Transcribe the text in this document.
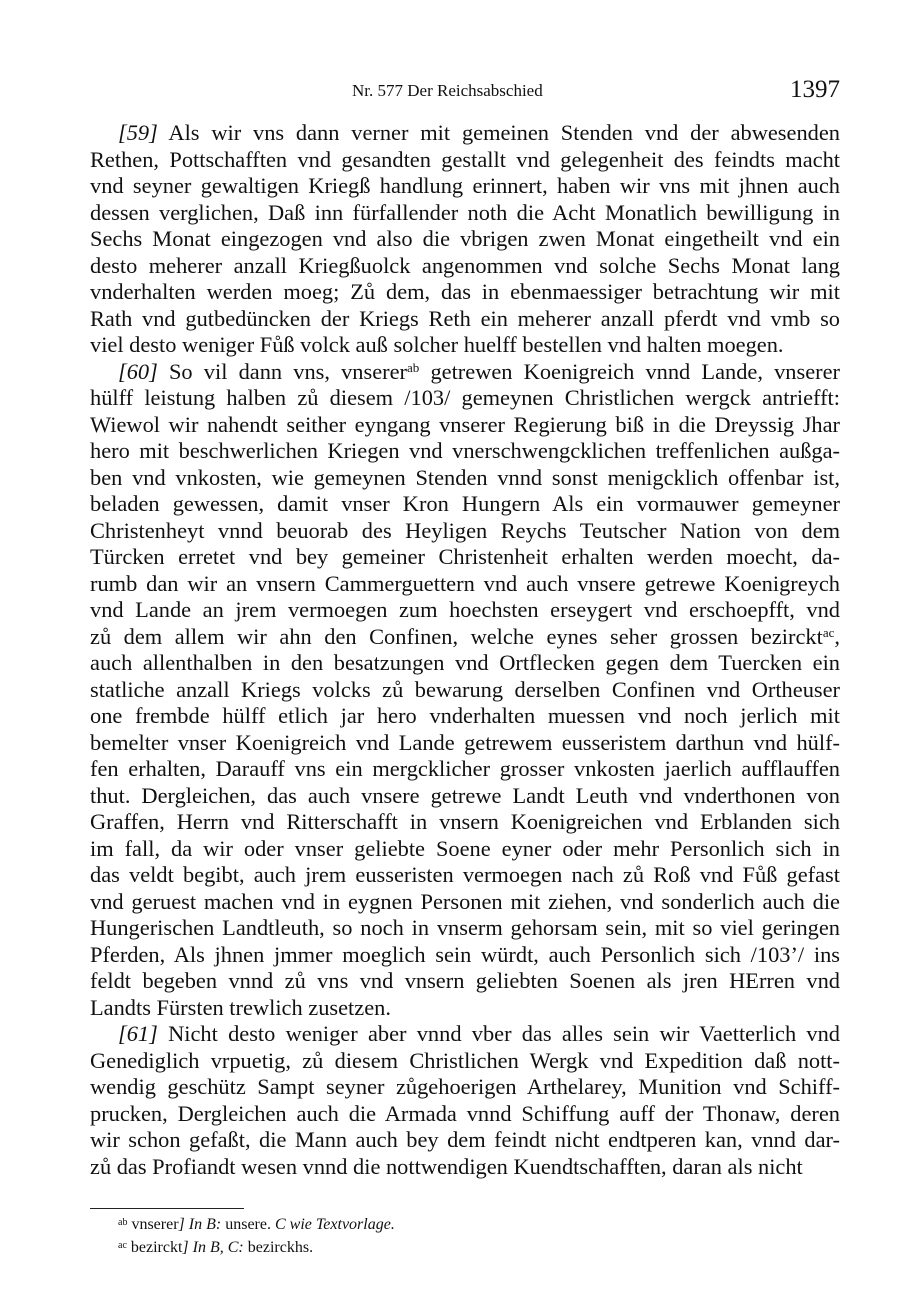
Nr. 577 Der Reichsabschied	1397
[59] Als wir vns dann verner mit gemeinen Stenden vnd der abwesenden
Rethen, Pottschafften vnd gesandten gestallt vnd gelegenheit des feindts macht
vnd seyner gewaltigen Kriegß handlung erinnert, haben wir vns mit jhnen auch
dessen verglichen, Daß inn fürfallender noth die Acht Monatlich bewilligung in
Sechs Monat eingezogen vnd also die vbrigen zwen Monat eingetheilt vnd ein
desto meherer anzall Kriegßuolck angenommen vnd solche Sechs Monat lang
vnderhalten werden moeg; Zů dem, das in ebenmaessiger betrachtung wir mit
Rath vnd gutbedüncken der Kriegs Reth ein meherer anzall pferdt vnd vmb so
viel desto weniger Fůß volck auß solcher huelff bestellen vnd halten moegen.
[60] So vil dann vns, vnserer$^{ab}$ getrewen Koenigreich vnnd Lande, vnserer
hülff leistung halben zů diesem /103/ gemeynen Christlichen wergck antriefft:
Wiewol wir nahendt seither eyngang vnserer Regierung biß in die Dreyssig Jhar
hero mit beschwerlichen Kriegen vnd vnerschwengcklichen treffenlichen außga-
ben vnd vnkosten, wie gemeynen Stenden vnnd sonst menigcklich offenbar ist,
beladen gewessen, damit vnser Kron Hungern Als ein vormauwer gemeyner
Christenheyt vnnd beuorab des Heyligen Reychs Teutscher Nation von dem
Türcken erretet vnd bey gemeiner Christenheit erhalten werden moecht, da-
rumb dan wir an vnsern Cammerguettern vnd auch vnsere getrewe Koenigreych
vnd Lande an jrem vermoegen zum hoechsten erseygert vnd erschoepfft, vnd
zů dem allem wir ahn den Confinen, welche eynes seher grossen bezirckt$^{ac}$,
auch allenthalben in den besatzungen vnd Ortflecken gegen dem Tuercken ein
statliche anzall Kriegs volcks zů bewarung derselben Confinen vnd Ortheuser
one frembde hülff etlich jar hero vnderhalten muessen vnd noch jerlich mit
bemelter vnser Koenigreich vnd Lande getrewem eusseristem darthun vnd hülf-
fen erhalten, Darauff vns ein mergcklicher grosser vnkosten jaerlich aufflauffen
thut. Dergleichen, das auch vnsere getrewe Landt Leuth vnd vnderthonen von
Graffen, Herrn vnd Ritterschafft in vnsern Koenigreichen vnd Erblanden sich
im fall, da wir oder vnser geliebte Soene eyner oder mehr Personlich sich in
das veldt begibt, auch jrem eusseristen vermoegen nach zů Roß vnd Fůß gefast
vnd geruest machen vnd in eygnen Personen mit ziehen, vnd sonderlich auch die
Hungerischen Landtleuth, so noch in vnserm gehorsam sein, mit so viel geringen
Pferden, Als jhnen jmmer moeglich sein würdt, auch Personlich sich /103’/ ins
feldt begeben vnnd zů vns vnd vnsern geliebten Soenen als jren HErren vnd
Landts Fürsten trewlich zusetzen.
[61] Nicht desto weniger aber vnnd vber das alles sein wir Vaetterlich vnd
Genediglich vrpuetig, zů diesem Christlichen Wergk vnd Expedition daß nott-
wendig geschütz Sampt seyner zůgehoerigen Arthelarey, Munition vnd Schiff-
prucken, Dergleichen auch die Armada vnnd Schiffung auff der Thonaw, deren
wir schon gefaßt, die Mann auch bey dem feindt nicht endtperen kan, vnnd dar-
zů das Profiandt wesen vnnd die nottwendigen Kuendtschafften, daran als nicht
$^{ab}$ vnserer] In B: unsere. C wie Textvorlage.
$^{ac}$ bezirckt] In B, C: bezirckhs.
